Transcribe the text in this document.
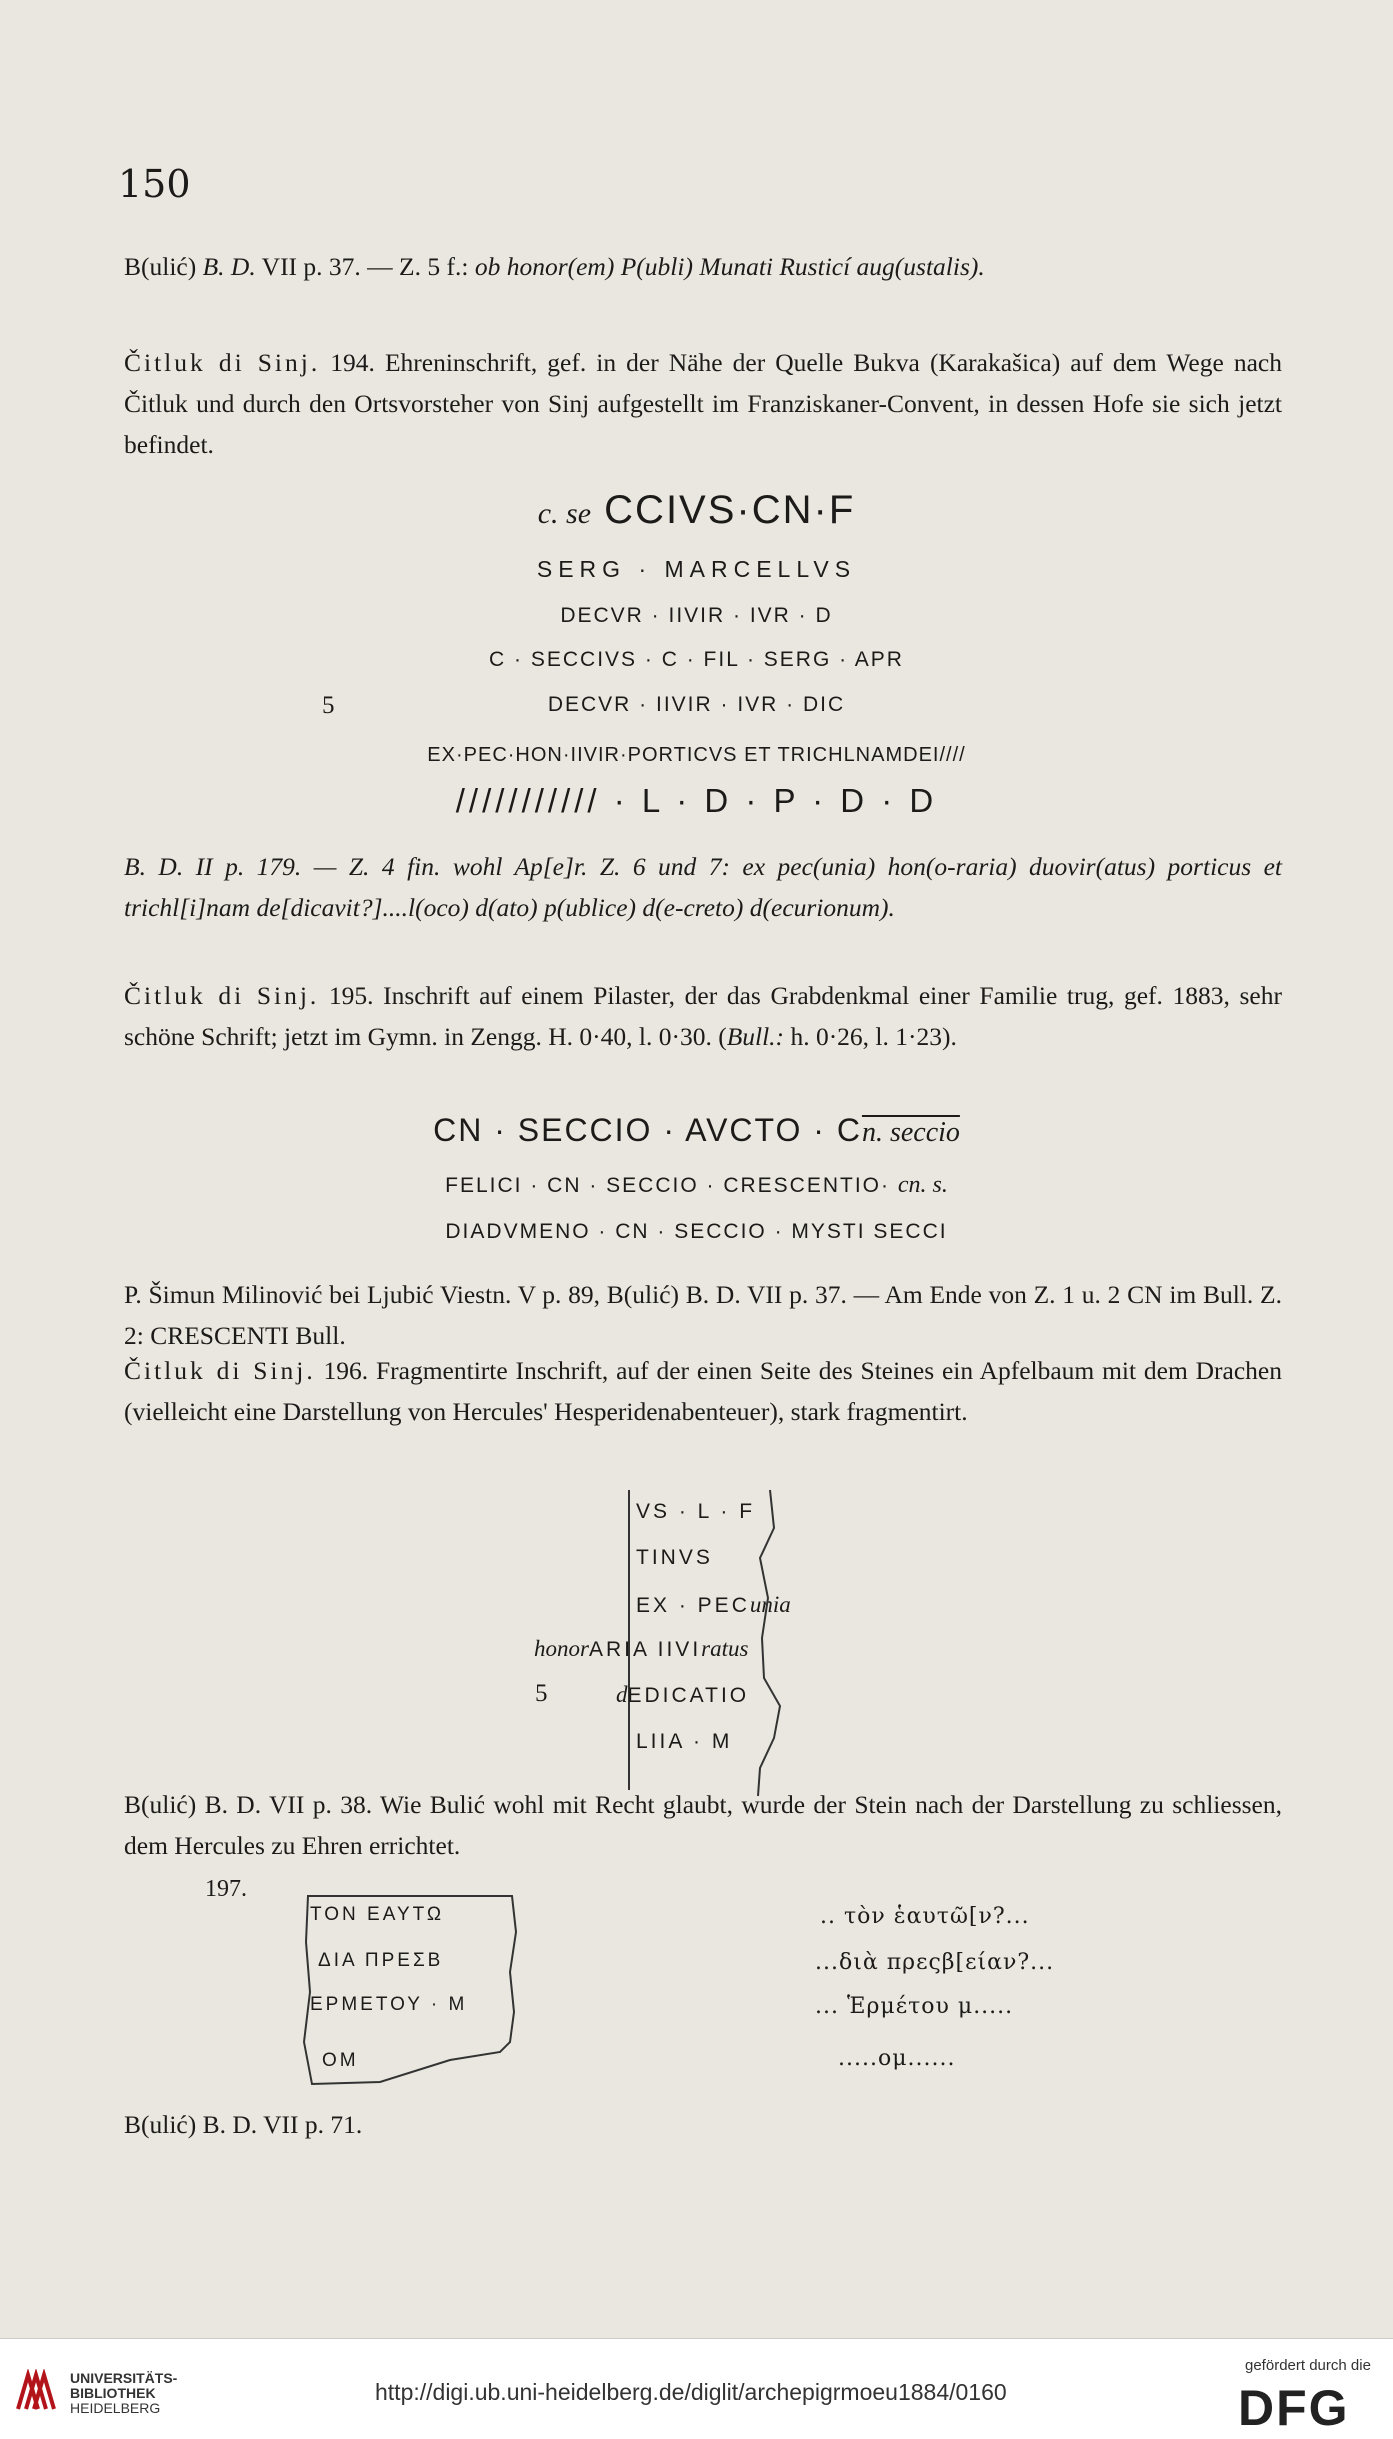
150
B(ulić) B. D. VII p. 37. — Z. 5 f.: ob honor(em) P(ubli) Munati Rusticí aug(ustalis).
Čitluk di Sinj. 194. Ehreninschrift, gef. in der Nähe der Quelle Bukva (Karakašica) auf dem Wege nach Čitluk und durch den Ortsvorsteher von Sinj aufgestellt im Franziskaner-Convent, in dessen Hofe sie sich jetzt befindet.
c. se CCIVS·CN·F
SERG · MARCELLVS
DECVR · IIVIR · IVR · D
C · SECCIVS · C · FIL · SERG · APR
5	DECVR · IIVIR · IVR · DIC
EX·PEC·HON·IIVIR·PORTICVS ET TRICHLNAMDEI////
/////////// · L · D · P · D · D
B. D. II p. 179. — Z. 4 fin. wohl Ap[e]r. Z. 6 und 7: ex pec(unia) hon(o-raria) duovir(atus) porticus et trichl[i]nam de[dicavit?]....l(oco) d(ato) p(ublice) d(e-creto) d(ecurionum).
Čitluk di Sinj. 195. Inschrift auf einem Pilaster, der das Grabdenkmal einer Familie trug, gef. 1883, sehr schöne Schrift; jetzt im Gymn. in Zengg. H. 0·40, l. 0·30. (Bull.: h. 0·26, l. 1·23).
CN · SECCIO · AVCTO · Cn. seccio
FELICI · CN · SECCIO · CRESCENTIO· cn. s.
DIADVMENO · CN · SECCIO · MYSTI SECCI
P. Šimun Milinović bei Ljubić Viestn. V p. 89, B(ulić) B. D. VII p. 37. — Am Ende von Z. 1 u. 2 CN im Bull. Z. 2: CRESCENTI Bull.
Čitluk di Sinj. 196. Fragmentirte Inschrift, auf der einen Seite des Steines ein Apfelbaum mit dem Drachen (vielleicht eine Darstellung von Hercules' Hesperidenabenteuer), stark fragmentirt.
VS · L · F
TINVS
EX · PECunia
honorARIA IIVIratus
5	dEDICATIO
LIIA · M
B(ulić) B. D. VII p. 38. Wie Bulić wohl mit Recht glaubt, wurde der Stein nach der Darstellung zu schliessen, dem Hercules zu Ehren errichtet.
197.
ΤΟΝ ΕΑΥΤΩ
ΔΙΑ ΠΡΕΣΒ
ΕΡΜΕΤΟΥ · Μ
ΟΜ
.. τὸν ἑαυτῶ[ν?...
...διὰ πρεςβ[είαν?...
... Ἑρμέτου μ.....
.....ομ......
B(ulić) B. D. VII p. 71.
UNIVERSITÄTS-
BIBLIOTHEK
HEIDELBERG
http://digi.ub.uni-heidelberg.de/diglit/archepigrmoeu1884/0160
gefördert durch die
DFG
